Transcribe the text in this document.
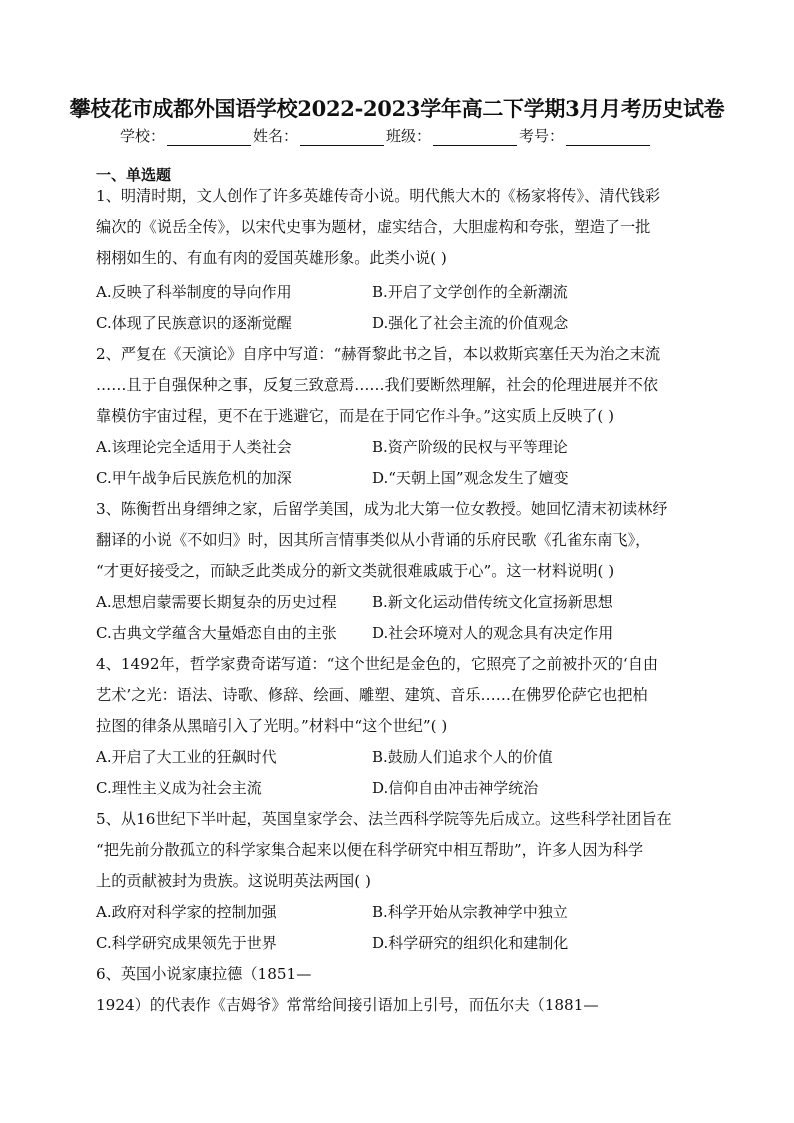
攀枝花市成都外国语学校2022-2023学年高二下学期3月月考历史试卷
学校：	姓名：	班级：	考号：
一、单选题
1、明清时期，文人创作了许多英雄传奇小说。明代熊大木的《杨家将传》、清代钱彩
编次的《说岳全传》，以宋代史事为题材，虚实结合，大胆虚构和夸张，塑造了一批
栩栩如生的、有血有肉的爱国英雄形象。此类小说( )
A.反映了科举制度的导向作用	B.开启了文学创作的全新潮流
C.体现了民族意识的逐渐觉醒	D.强化了社会主流的价值观念
2、严复在《天演论》自序中写道：“赫胥黎此书之旨，本以救斯宾塞任天为治之末流
……且于自强保种之事，反复三致意焉……我们要断然理解，社会的伦理进展并不依
靠模仿宇宙过程，更不在于逃避它，而是在于同它作斗争。”这实质上反映了( )
A.该理论完全适用于人类社会	B.资产阶级的民权与平等理论
C.甲午战争后民族危机的加深	D.“天朝上国”观念发生了嬗变
3、陈衡哲出身缙绅之家，后留学美国，成为北大第一位女教授。她回忆清末初读林纾
翻译的小说《不如归》时，因其所言情事类似从小背诵的乐府民歌《孔雀东南飞》，
“才更好接受之，而缺乏此类成分的新文类就很难戚戚于心”。这一材料说明( )
A.思想启蒙需要长期复杂的历史过程 B.新文化运动借传统文化宣扬新思想
C.古典文学蕴含大量婚恋自由的主张 D.社会环境对人的观念具有决定作用
4、1492年，哲学家费奇诺写道：“这个世纪是金色的，它照亮了之前被扑灭的‘自由
艺术’之光：语法、诗歌、修辞、绘画、雕塑、建筑、音乐……在佛罗伦萨它也把柏
拉图的律条从黑暗引入了光明。”材料中“这个世纪”( )
A.开启了大工业的狂飙时代	B.鼓励人们追求个人的价值
C.理性主义成为社会主流	D.信仰自由冲击神学统治
5、从16世纪下半叶起，英国皇家学会、法兰西科学院等先后成立。这些科学社团旨在
“把先前分散孤立的科学家集合起来以便在科学研究中相互帮助”，许多人因为科学
上的贡献被封为贵族。这说明英法两国( )
A.政府对科学家的控制加强	B.科学开始从宗教神学中独立
C.科学研究成果领先于世界	D.科学研究的组织化和建制化
6、英国小说家康拉德（1851—
1924）的代表作《吉姆爷》常常给间接引语加上引号，而伍尔夫（1881—
